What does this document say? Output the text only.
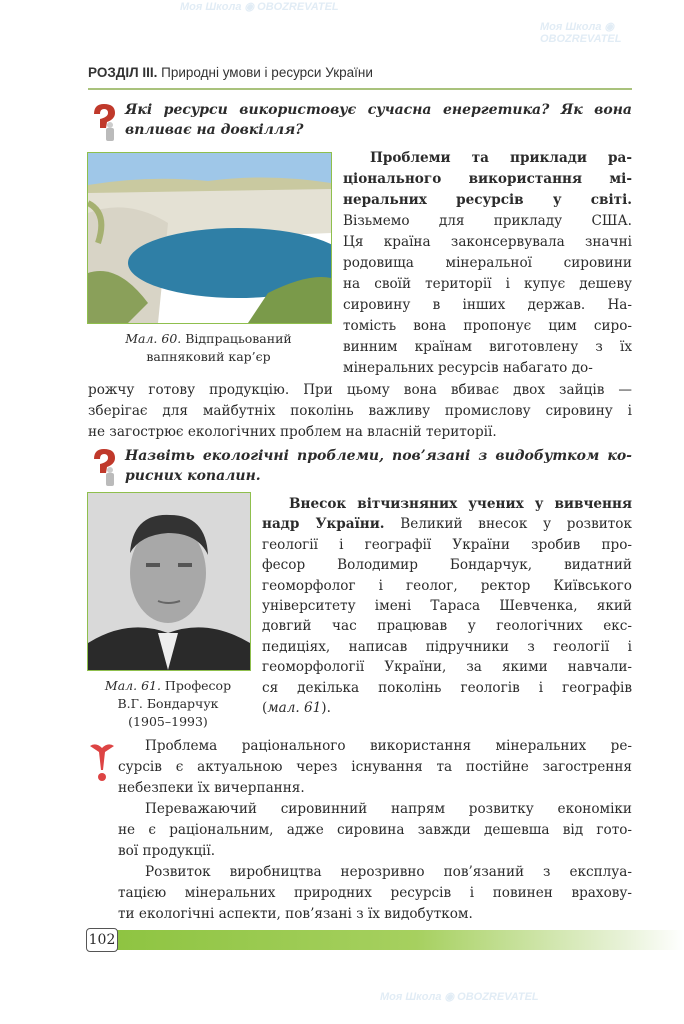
РОЗДІЛ III. Природні умови і ресурси України
Які ресурси використовує сучасна енергетика? Як вона
впливає на довкілля?
Мал. 60. Відпрацьований
вапняковий кар’єр
Проблеми та приклади ра-
ціонального використання мі-
неральних ресурсів у світі.
Візьмемо для прикладу США.
Ця країна законсервувала значні
родовища мінеральної сировини
на своїй території і купує дешеву
сировину в інших держав. На-
томість вона пропонує цим сиро-
винним країнам виготовлену з їх
мінеральних ресурсів набагато до-
рожчу готову продукцію. При цьому вона вбиває двох зайців —
зберігає для майбутніх поколінь важливу промислову сировину і
не загострює екологічних проблем на власній території.
Назвіть екологічні проблеми, пов’язані з видобутком ко-
рисних копалин.
Мал. 61. Професор
В.Г. Бондарчук
(1905–1993)
Внесок вітчизняних учених у вивчення
надр України. Великий внесок у розвиток
геології і географії України зробив про-
фесор Володимир Бондарчук, видатний
геоморфолог і геолог, ректор Київського
університету імені Тараса Шевченка, який
довгий час працював у геологічних екс-
педиціях, написав підручники з геології і
геоморфології України, за якими навчали-
ся декілька поколінь геологів і географів
(мал. 61).
Проблема раціонального використання мінеральних ре-
сурсів є актуальною через існування та постійне загострення
небезпеки їх вичерпання.
Переважаючий сировинний напрям розвитку економіки
не є раціональним, адже сировина завжди дешевша від гото-
вої продукції.
Розвиток виробництва нерозривно пов’язаний з експлуа-
тацією мінеральних природних ресурсів і повинен врахову-
ти екологічні аспекти, пов’язані з їх видобутком.
102
Моя Школа ◉ OBOZREVATEL
Моя Школа ◉ OBOZREVATEL
Моя Школа ◉ OBOZREVATEL
